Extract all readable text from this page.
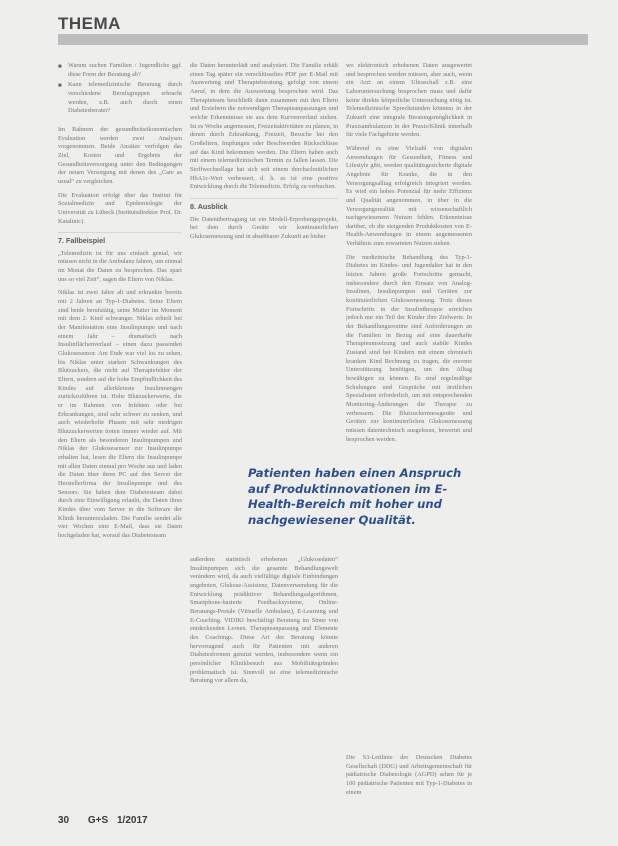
THEMA
■ Warum suchen Familien / Jugendliche ggf. diese Form der Beratung ab?
■ Kann telemedizinische Beratung durch verschiedene Berufsgruppen erbracht werden, z.B. auch durch einen Diabetesberater?

Im Rahmen der gesundheitsökonomischen Evaluation werden zwei Analysen vorgenommen. Beide Ansätze verfolgen das Ziel, Kosten und Ergebnis der Gesundheitsversorgung unter den Bedingungen der neuen Versorgung mit denen des „Care as usual“ zu vergleichen.

Die Evaluation erfolgt über das Institut für Sozialmedizin und Epidemiologie der Universität zu Lübeck (Institutsdirektor Prof. Dr. Katalinic).

7. Fallbeispiel

„Telemedizin ist für uns einfach genial, wir müssen nicht in die Ambulanz fahren, um einmal im Monat die Daten zu besprechen. Das spart uns so viel Zeit“, sagen die Eltern von Niklas.

Niklas ist zwei Jahre alt und erkrankte bereits mit 2 Jahren an Typ-1-Diabetes. Seine Eltern sind beide berufstätig, seine Mutter im Moment mit dem 2. Kind schwanger. Niklas erhielt bei der Manifestation eine Insulinpumpe und nach einem Jahr – dramatisch nach Insulinflächenverlauf – einen dazu passenden Glukosesensor. Am Ende war viel los zu sehen, bis Niklas unter starken Schwankungen des Blutzuckers, die nicht auf Therapiefehler der Eltern, sondern auf die hohe Empfindlichkeit des Kindes auf allerkleinste Insulinmengen zurückzuführen ist. Hohe Blutzuckerwerte, die er im Rahmen von Infekten oder bei Erkrankungen, sind sehr schwer zu senken, und auch wiederholte Phasen mit sehr niedrigen Blutzuckerwerten treten immer wieder auf. Mit den Eltern als besonderen Insulinpumpen und Niklas der Glukosesensor zur Insulinpumpe erhalten hat, lesen die Eltern die Insulinpumpe mit allen Daten einmal pro Woche aus und laden die Daten über ihren PC auf den Server der Herstellerfirma der Insulinpumpe und des Sensors. Sie haben dem Diabetesteam dabei durch eine Einwilligung erlaubt, die Daten ihres Kindes über vom Server in die Software der Klinik herunterzuladen. Die Familie sendet alle vier Wochen eine E-Mail, dass sie Daten hochgeladen hat, worauf das Diabetesteam

die Daten herunterlädt und analysiert. Die Familie erhält einen Tag später ein verschlüsseltes PDF per E-Mail mit Auswertung und Therapieberatung, gefolgt von einem Anruf, in dem die Auswertung besprochen wird. Das Therapieteam beschließt dann zusammen mit den Eltern und Erziehern die notwendigen Therapieanpassungen und welche Erkenntnisse sie aus dem Kurvenverlauf ziehen. Ist es Woche angemessen, Freizeitaktivitäten zu planen, in denen durch Erkrankung, Freizeit, Besuche bei den Großeltern, Impfungen oder Beschwerden Rückschlüsse auf das Kind bekommen werden. Die Eltern haben auch mit einem telemedizinischen Termin zu fallen lassen. Die Stoffwechsellage hat sich seit einem durchschnittlichen HbA1c-Wert verbessert, d. h. es ist eine positive Entwicklung durch die Telemedizin. Erfolg zu verbuchen.

8. Ausblick

Die Datenübertragung ist ein Modell-Erprobungsprojekt, bei dem durch Geräte wir kontinuierlichen Glukosemessung und in absehbarer Zukunft an bisher

Patienten haben einen Anspruch auf Produktinnovationen im E-Health-Bereich mit hoher und nachgewiesener Qualität.

außerdem statistisch erhobenen „Glukosedaten“ Insulinpumpen sich die gesamte Behandlungswelt verändern wird, da auch vielfältige digitale Einbindungen angeboten, Glukose-Assistenz, Datenverwendung für die Entwicklung prädiktiver Behandlungsalgorithmen, Smartphone-basierte Feedbacksysteme, Online-Beratungs-Portale (Virtuelle Ambulanz), E-Learning und E-Coaching. VIDIKI beschäftigt Beratung im Sinne von entdeckenden Lernen. Therapieanpassung und Elemente des Coachings. Diese Art der Beratung könnte hervorragend auch für Patienten mit anderen Diabetesformen genutzt werden, insbesondere wenn ein persönlicher Klinikbesuch aus Mobilitätsgründen problematisch ist. Sinnvoll ist eine telemedizinische Beratung vor allem da,

wo elektronisch erhobenen Daten ausgewertet und besprochen werden müssen, aber auch, wenn ein Arzt an einem Ultraschall z.B. eine Laboruntersuchung besprochen muss und dafür keine direkte körperliche Untersuchung nötig ist. Telemedizinische Sprechstunden könnten in der Zukunft eine integrale Beratungsmöglichkeit in Praxisambulanzen in der Praxis/Klinik innerhalb für viele Fachgebiete werden.

Während es eine Vielzahl von digitalen Anwendungen für Gesundheit, Fitness und Lifestyle gibt, werden qualitätsgesicherte digitale Angebote für Kranke, die in den Versorgungsalltag erfolgreich integriert werden. Es wird ein hohes Potenzial für mehr Effizienz und Qualität angenommen, in über in die Versorgungsrealität mit wissenschaftlich nachgewiesenem Nutzen fehlen. Erkenntnisse darüber, ob die steigenden Produktkosten von E-Health-Anwendungen in einem angemessenen Verhältnis zum erwarteten Nutzen stehen.

Die medizinische Behandlung des Typ-1-Diabetes im Kindes- und Jugendalter hat in den letzten Jahren große Fortschritte gemacht, insbesondere durch den Einsatz von Analog-Insulinen, Insulinpumpen und Geräten zur kontinuierlichen Glukosemessung. Trotz dieses Fortschritts in der Insulintherapie erreichen jedoch nur ein Teil der Kinder ihre Zielwerte. In der Behandlungsroutine sind Anforderungen an die Familien in Bezug auf eine dauerhafte Therapieumsetzung und auch stabile Kindes Zustand sind bei Kindern mit einem chronisch kranken Kind Rechnung zu tragen, die enorme Unterstützung benötigen, um den Alltag bewältigen zu können. Es sind regelmäßige Schulungen und Gespräche mit ärztlichen Spezialisten erforderlich, um mit entsprechenden Monitoring-Änderungen die Therapie zu verbessern. Die Blutzuckermessgeräte und Geräten zur kontinuierlichen Glukosemessung müssen datentechnisch ausgelesen, bewertet und besprochen werden.

Die S3-Leitlinie der Deutschen Diabetes Gesellschaft (DDG) und Arbeitsgemeinschaft für pädiatrische Diabetologie (AGPD) sehen für je 100 pädiatrische Patienten mit Typ-1-Diabetes in einem

30 G+S 1/2017
